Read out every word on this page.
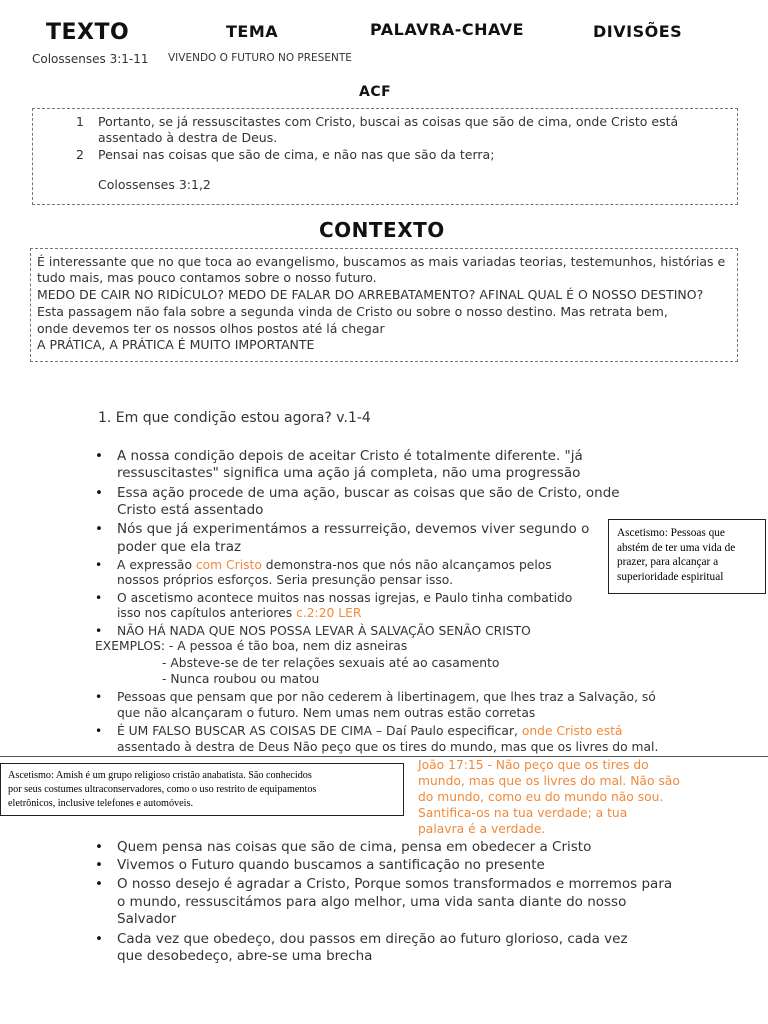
TEXTO	TEMA	PALAVRA-CHAVE	DIVISÕES
Colossenses 3:1-11 VIVENDO O FUTURO NO PRESENTE
ACF
1 Portanto, se já ressuscitastes com Cristo, buscai as coisas que são de cima, onde Cristo está
assentado à destra de Deus.
2 Pensai nas coisas que são de cima, e não nas que são da terra;
Colossenses 3:1,2
CONTEXTO
É interessante que no que toca ao evangelismo, buscamos as mais variadas teorias, testemunhos, histórias e
tudo mais, mas pouco contamos sobre o nosso futuro.
MEDO DE CAIR NO RIDÍCULO? MEDO DE FALAR DO ARREBATAMENTO? AFINAL QUAL É O NOSSO DESTINO?
Esta passagem não fala sobre a segunda vinda de Cristo ou sobre o nosso destino. Mas retrata bem,
onde devemos ter os nossos olhos postos até lá chegar
A PRÁTICA, A PRÁTICA É MUITO IMPORTANTE
1. Em que condição estou agora? v.1-4
• A nossa condição depois de aceitar Cristo é totalmente diferente. "já
ressuscitastes" significa uma ação já completa, não uma progressão
• Essa ação procede de uma ação, buscar as coisas que são de Cristo, onde
Cristo está assentado
• Nós que já experimentámos a ressurreição, devemos viver segundo o
poder que ela traz
• A expressão com Cristo demonstra-nos que nós não alcançamos pelos
nossos próprios esforços. Seria presunção pensar isso.
• O ascetismo acontece muitos nas nossas igrejas, e Paulo tinha combatido
isso nos capítulos anteriores c.2:20 LER
• NÃO HÁ NADA QUE NOS POSSA LEVAR À SALVAÇÃO SENÃO CRISTO
EXEMPLOS: - A pessoa é tão boa, nem diz asneiras
- Absteve-se de ter relações sexuais até ao casamento
- Nunca roubou ou matou
• Pessoas que pensam que por não cederem à libertinagem, que lhes traz a Salvação, só
que não alcançaram o futuro. Nem umas nem outras estão corretas
• É UM FALSO BUSCAR AS COISAS DE CIMA – Daí Paulo especificar, onde Cristo está
assentado à destra de Deus Não peço que os tires do mundo, mas que os livres do mal.
Ascetismo: Pessoas que
abstém de ter uma vida de
prazer, para alcançar a
superioridade espiritual
Ascetismo: Amish é um grupo religioso cristão anabatista. São conhecidos
por seus costumes ultraconservadores, como o uso restrito de equipamentos
eletrônicos, inclusive telefones e automóveis.
João 17:15 - Não peço que os tires do
mundo, mas que os livres do mal. Não são
do mundo, como eu do mundo não sou.
Santifica-os na tua verdade; a tua
palavra é a verdade.
• Quem pensa nas coisas que são de cima, pensa em obedecer a Cristo
• Vivemos o Futuro quando buscamos a santificação no presente
• O nosso desejo é agradar a Cristo, Porque somos transformados e morremos para
o mundo, ressuscitámos para algo melhor, uma vida santa diante do nosso
Salvador
• Cada vez que obedeço, dou passos em direção ao futuro glorioso, cada vez
que desobedeço, abre-se uma brecha
